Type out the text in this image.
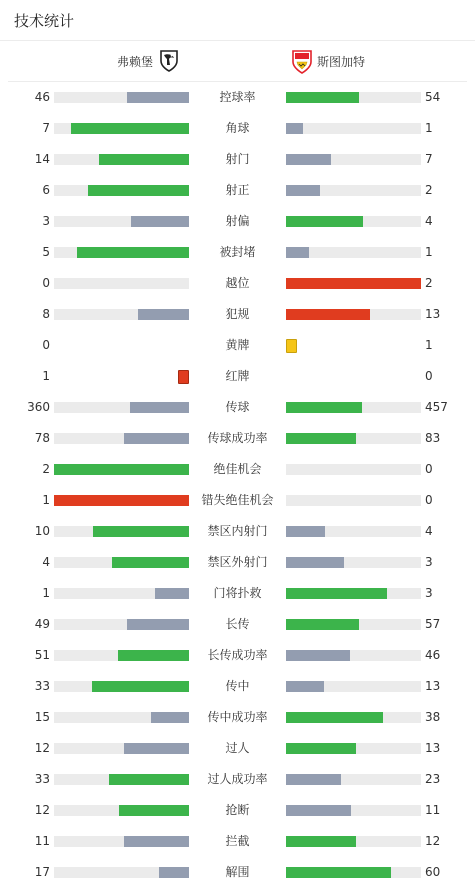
技术统计
弗赖堡	斯图加特
46	控球率	54
7	角球	1
14	射门	7
6	射正	2
3	射偏	4
5	被封堵	1
0	越位	2
8	犯规	13
0	黄牌	1
1	红牌	0
360	传球	457
78	传球成功率	83
2	绝佳机会	0
1	错失绝佳机会	0
10	禁区内射门	4
4	禁区外射门	3
1	门将扑救	3
49	长传	57
51	长传成功率	46
33	传中	13
15	传中成功率	38
12	过人	13
33	过人成功率	23
12	抢断	11
11	拦截	12
17	解围	60
